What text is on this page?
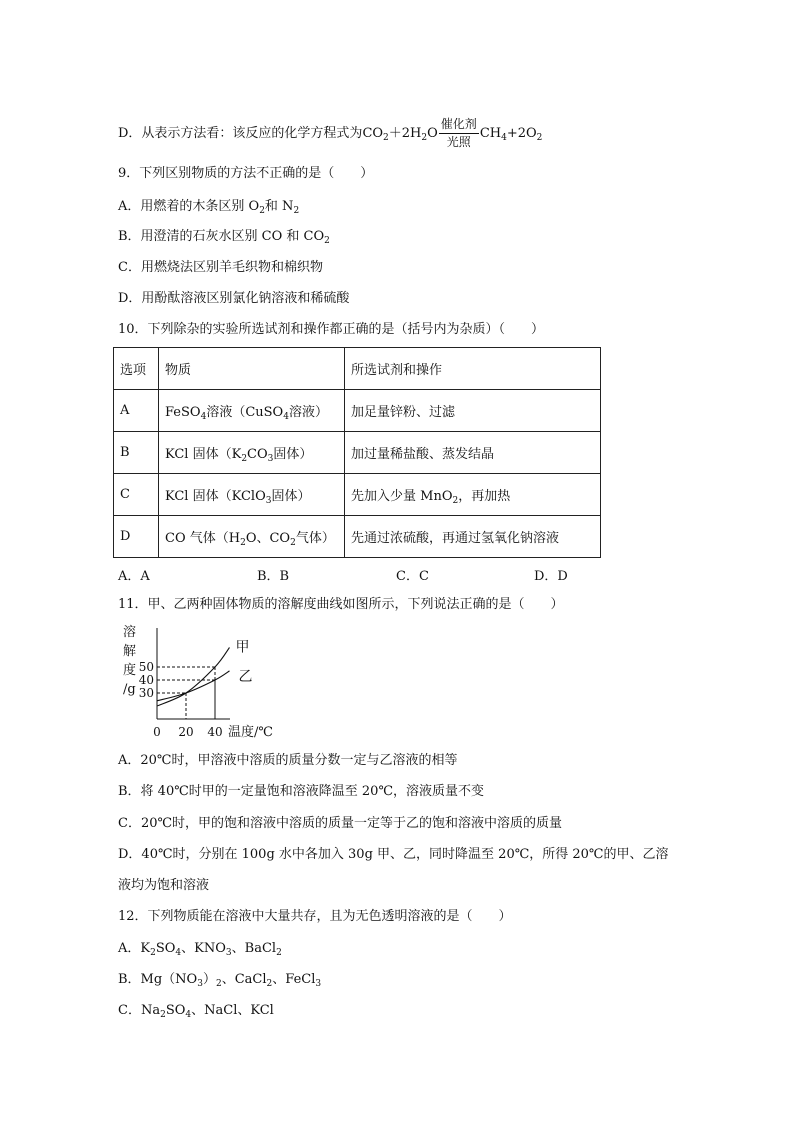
D．从表示方法看：该反应的化学方程式为$CO_2+2H_2O \frac{\text{催化剂}}{\text{光照}} CH_4+2O_2$
9．下列区别物质的方法不正确的是（　　）
A．用燃着的木条区别 $O_2$和 $N_2$
B．用澄清的石灰水区别 CO 和 $CO_2$
C．用燃烧法区别羊毛织物和棉织物
D．用酚酞溶液区别氯化钠溶液和稀硫酸
10．下列除杂的实验所选试剂和操作都正确的是（括号内为杂质）（　　）
选项	物质	所选试剂和操作
A	FeSO$_4$溶液（CuSO$_4$溶液）	加足量锌粉、过滤
B	KCl 固体（$K_2CO_3$固体）	加过量稀盐酸、蒸发结晶
C	KCl 固体（KClO$_3$固体）	先加入少量 MnO$_2$，再加热
D	CO 气体（$H_2O$、$CO_2$气体）	先通过浓硫酸，再通过氢氧化钠溶液
A．A	B．B	C．C	D．D
11．甲、乙两种固体物质的溶解度曲线如图所示，下列说法正确的是（　　）
溶
解
度
/g
甲
乙
30
40
50
0 20 40 温度/℃
A．20℃时，甲溶液中溶质的质量分数一定与乙溶液的相等
B．将 40℃时甲的一定量饱和溶液降温至 20℃，溶液质量不变
C．20℃时，甲的饱和溶液中溶质的质量一定等于乙的饱和溶液中溶质的质量
D．40℃时，分别在 100g 水中各加入 30g 甲、乙，同时降温至 20℃，所得 20℃的甲、乙溶
液均为饱和溶液
12．下列物质能在溶液中大量共存，且为无色透明溶液的是（　　）
A．$K_2SO_4$、$KNO_3$、BaCl$_2$
B．$Mg(NO_3)_2$、CaCl$_2$、FeCl$_3$
C．$Na_2SO_4$、NaCl、KCl
